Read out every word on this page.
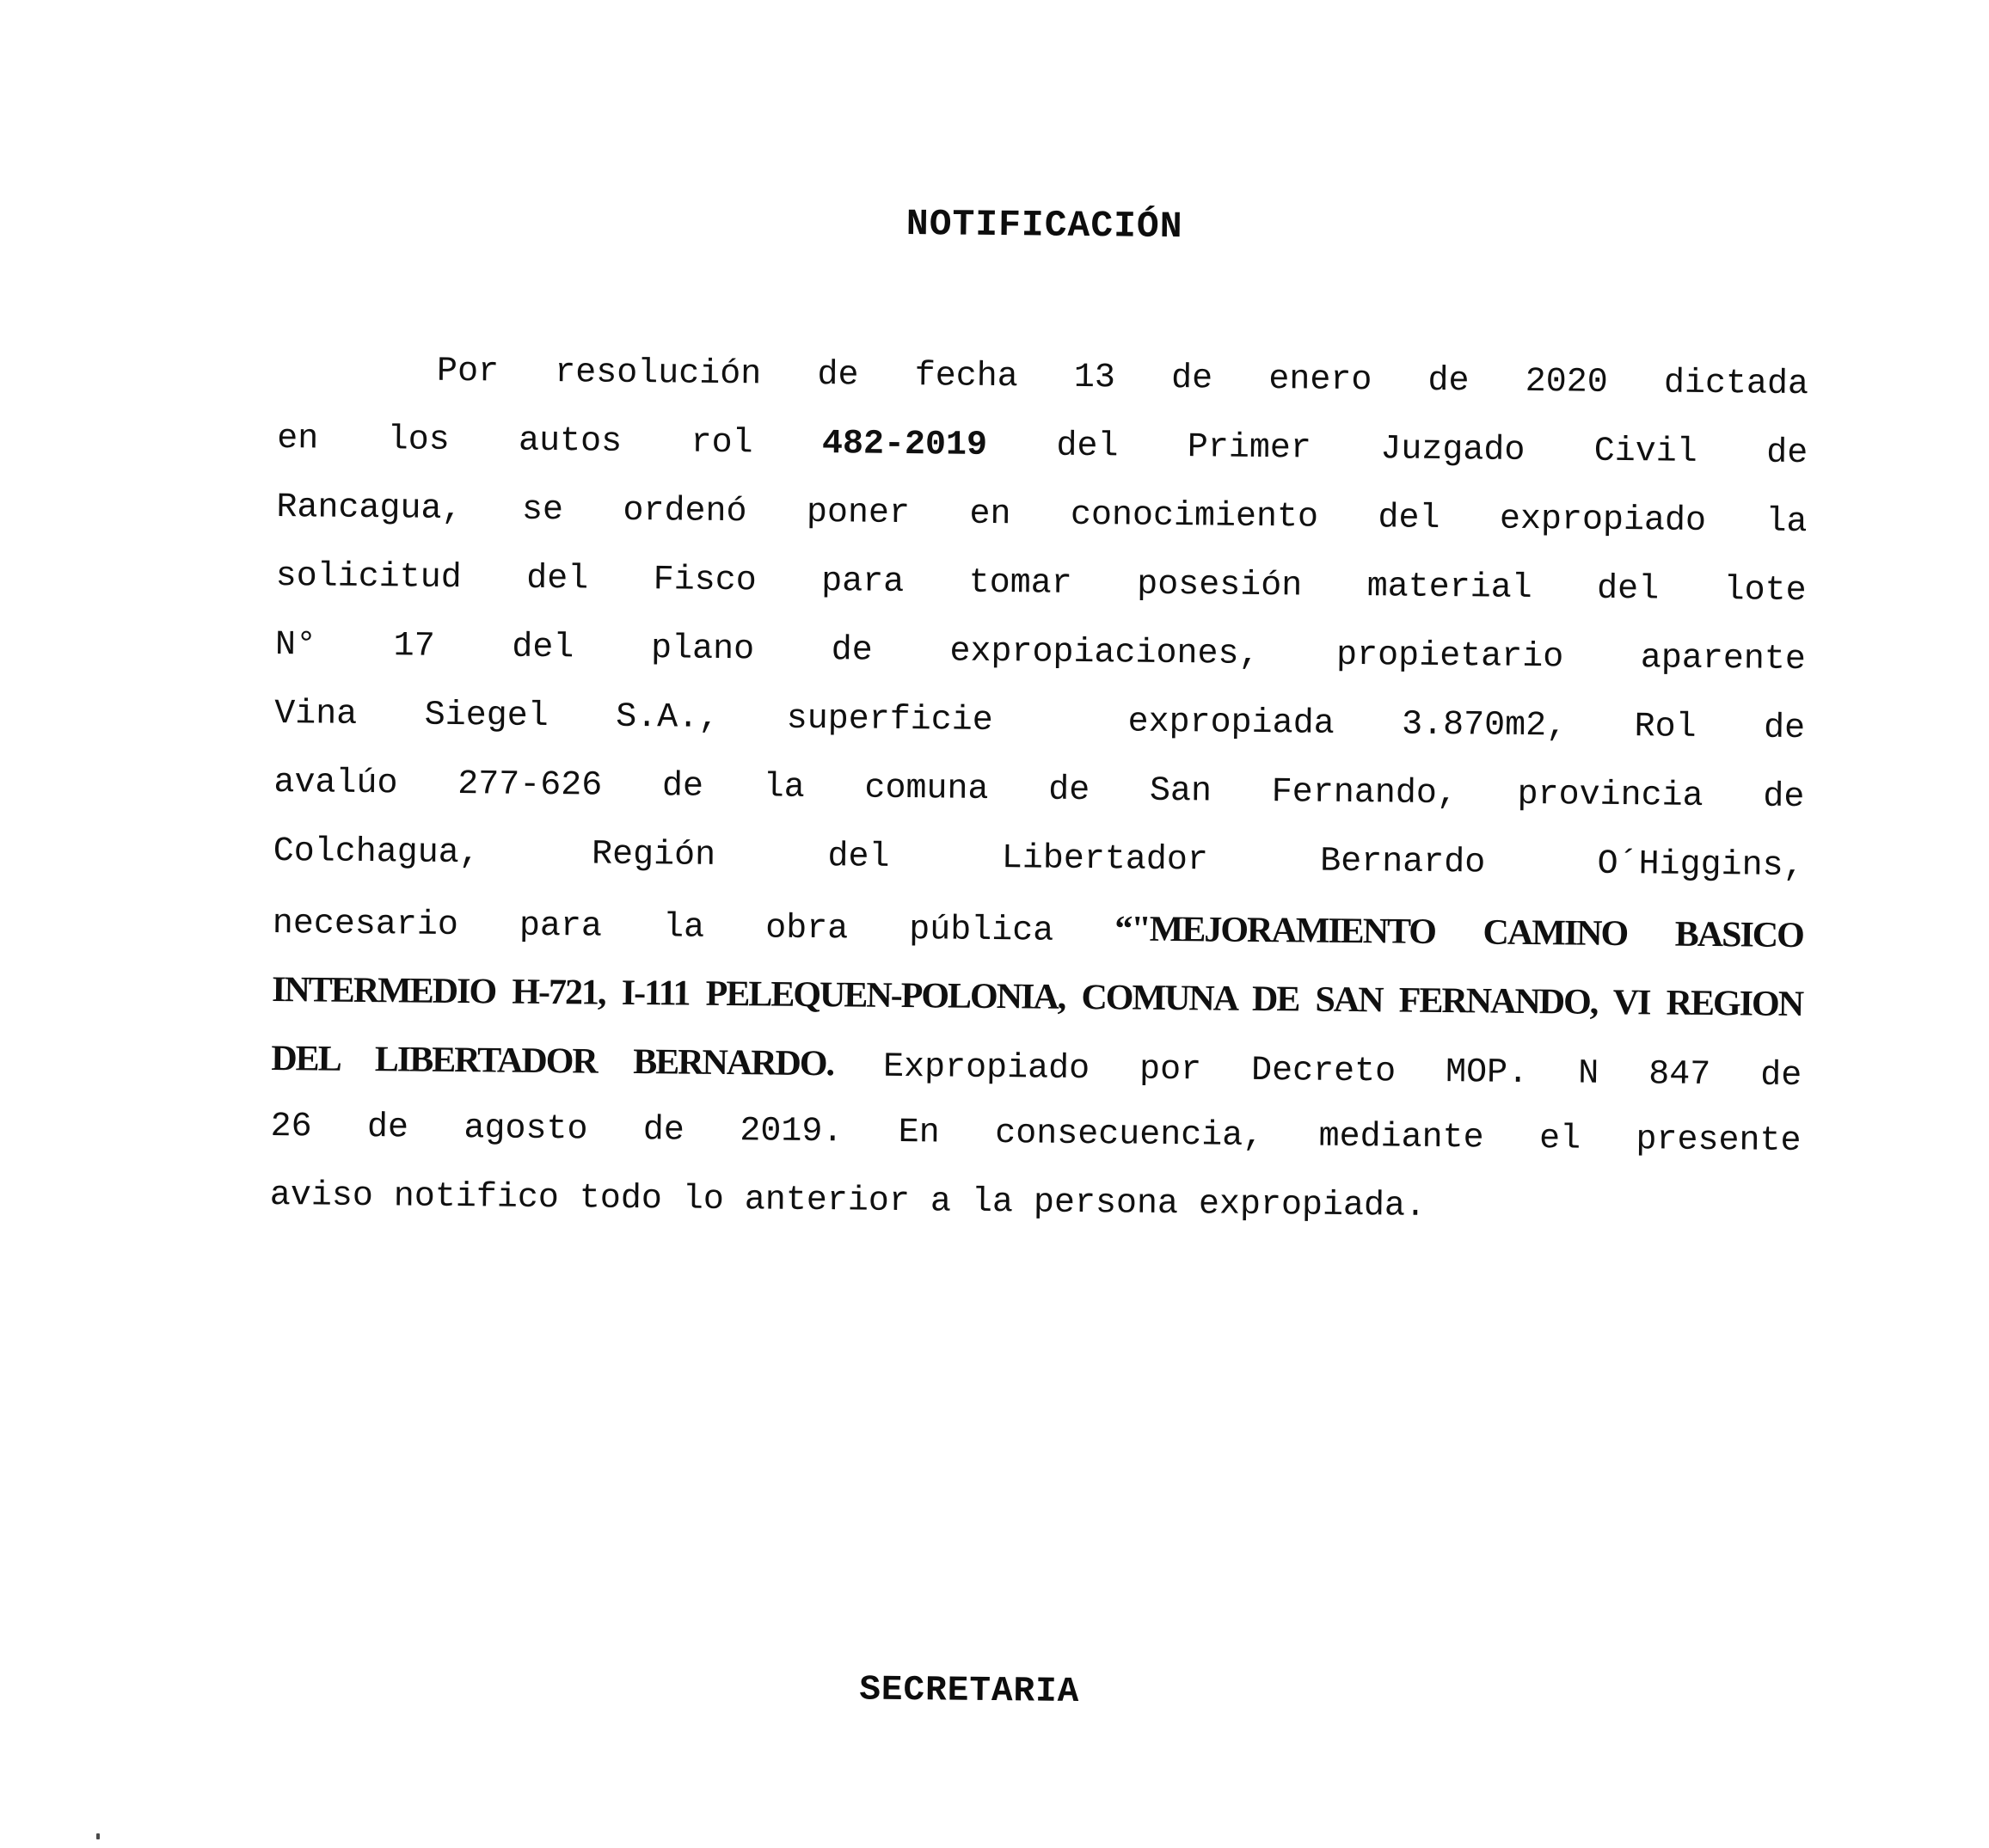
NOTIFICACIÓN
Por resolución de fecha 13 de enero de 2020 dictada
en los autos rol 482-2019 del Primer Juzgado Civil de
Rancagua, se ordenó poner en conocimiento del expropiado la
solicitud del Fisco para tomar posesión material del lote
N° 17 del plano de expropiaciones, propietario aparente
Vina Siegel S.A., superficie  expropiada 3.870m2, Rol de
avalúo 277-626 de la comuna de San Fernando, provincia de
Colchagua, Región del Libertador Bernardo O´Higgins,
necesario para la obra pública “"MEJORAMIENTO CAMINO BASICO
INTERMEDIO H-721, I-111 PELEQUEN-POLONIA, COMUNA DE SAN FERNANDO, VI REGION
DEL LIBERTADOR BERNARDO. Expropiado por Decreto MOP. N 847 de
26 de agosto de 2019. En consecuencia, mediante el presente
aviso notifico todo lo anterior a la persona expropiada.
SECRETARIA
